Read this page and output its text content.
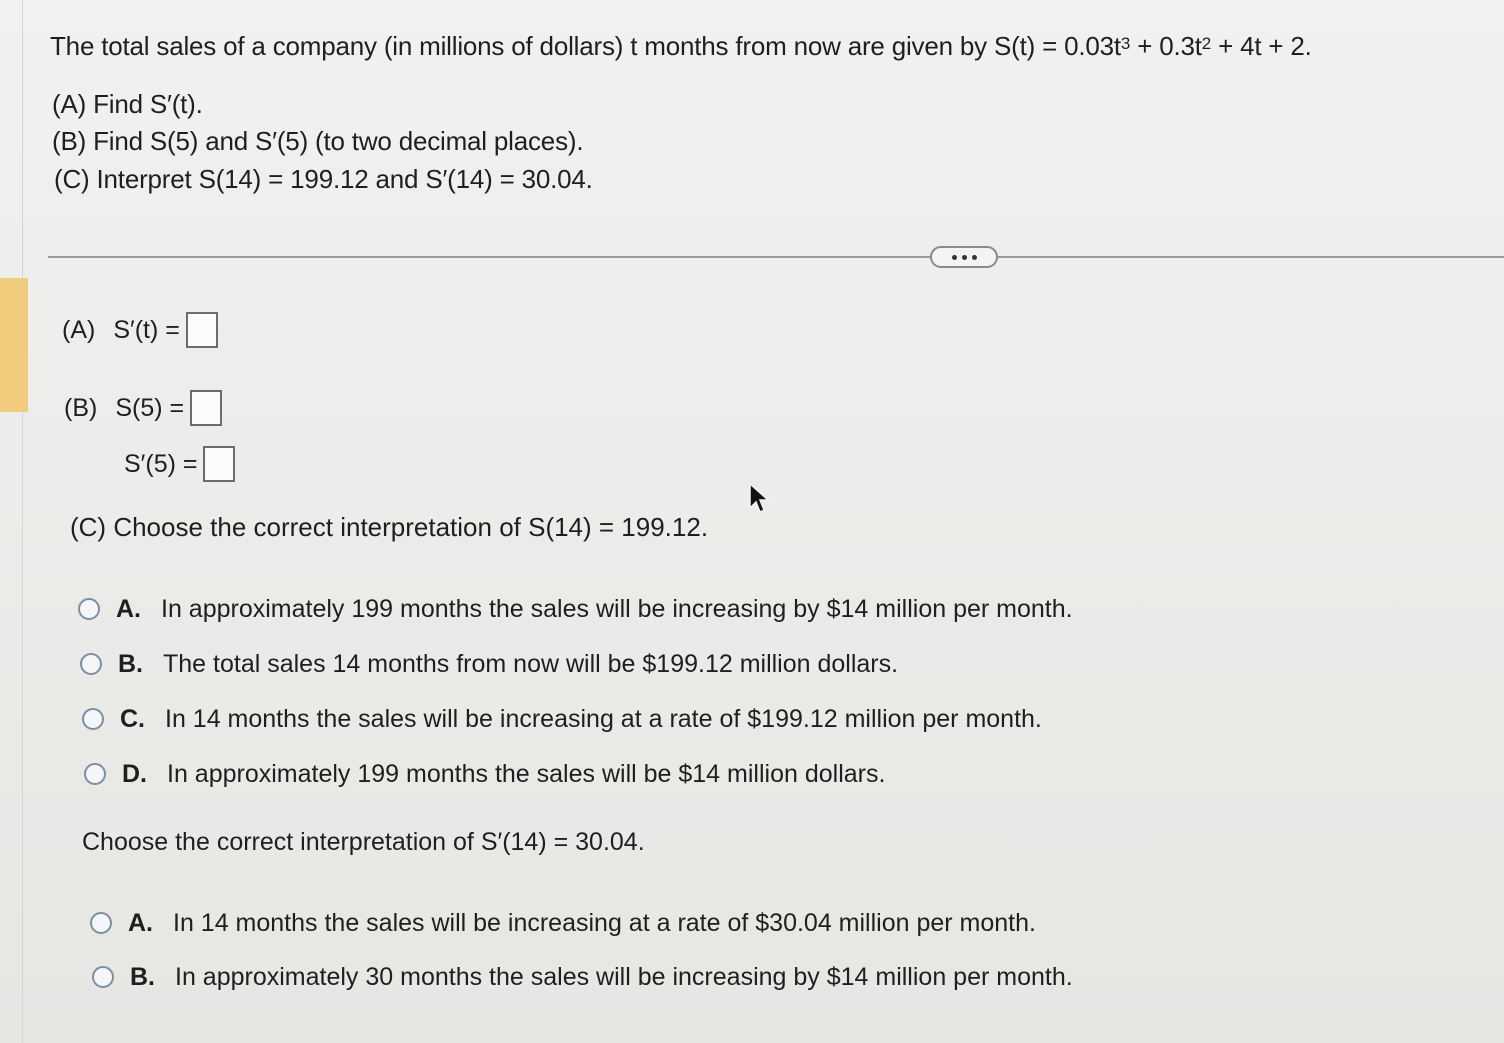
The total sales of a company (in millions of dollars) t months from now are given by $S(t) = 0.03t^3 + 0.3t^2 + 4t + 2$.
(A) Find S′(t).
(B) Find S(5) and S′(5) (to two decimal places).
(C) Interpret S(14) = 199.12 and S′(14) = 30.04.
(A) S′(t) =
(B) S(5) =
S′(5) =
(C) Choose the correct interpretation of S(14) = 199.12.
A. In approximately 199 months the sales will be increasing by $14 million per month.
B. The total sales 14 months from now will be $199.12 million dollars.
C. In 14 months the sales will be increasing at a rate of $199.12 million per month.
D. In approximately 199 months the sales will be $14 million dollars.
Choose the correct interpretation of S′(14) = 30.04.
A. In 14 months the sales will be increasing at a rate of $30.04 million per month.
B. In approximately 30 months the sales will be increasing by $14 million per month.
